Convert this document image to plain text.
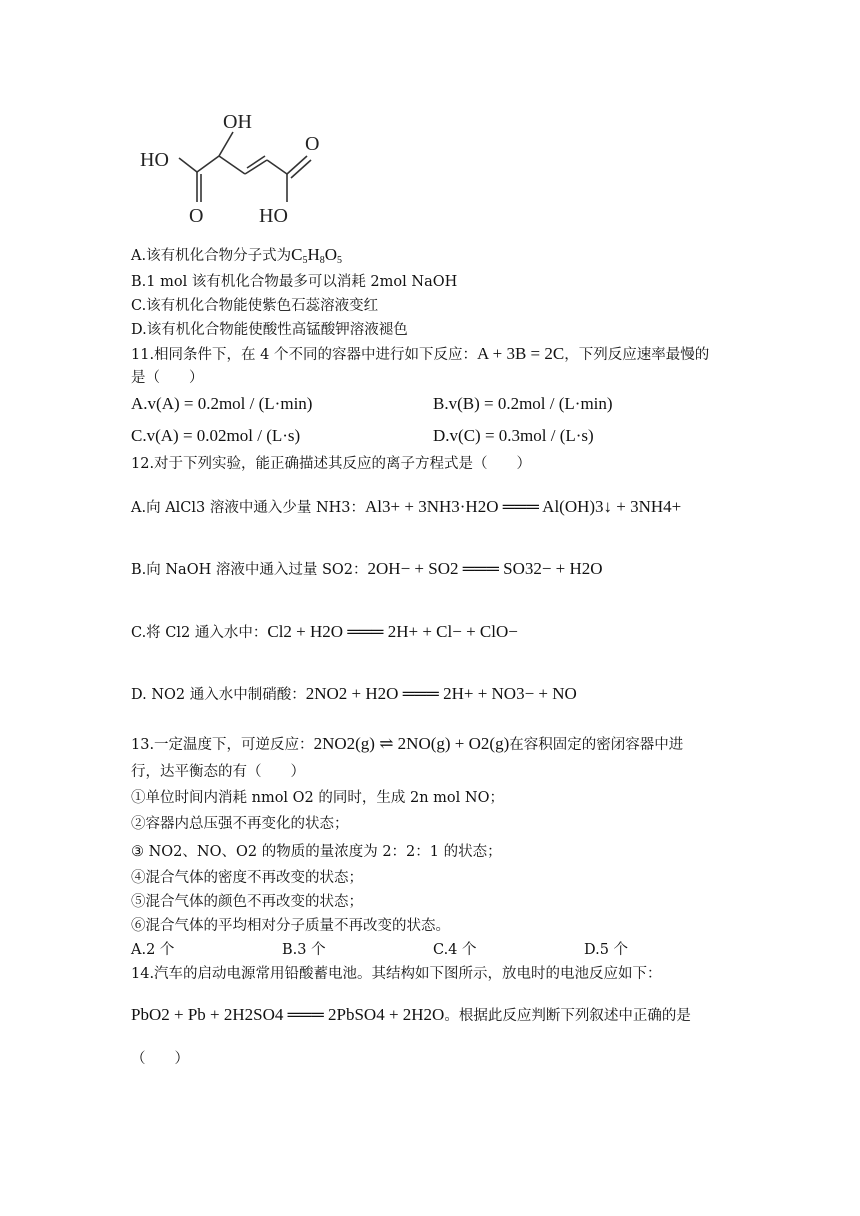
OH
HO
O
O
HO
A.该有机化合物分子式为$C_5H_8O_5$
B.1 mol 该有机化合物最多可以消耗 2mol NaOH
C.该有机化合物能使紫色石蕊溶液变红
D.该有机化合物能使酸性高锰酸钾溶液褪色
11.相同条件下，在 4 个不同的容器中进行如下反应：A + 3B = 2C，下列反应速率最慢的
是（　　）
A.v(A) = 0.2mol / (L·min)	B.v(B) = 0.2mol / (L·min)
C.v(A) = 0.02mol / (L·s)	D.v(C) = 0.3mol / (L·s)
12.对于下列实验，能正确描述其反应的离子方程式是（　　）
A.向 AlCl3 溶液中通入少量 NH3：Al3+ + 3NH3·H2O ═══ Al(OH)3↓ + 3NH4+
B.向 NaOH 溶液中通入过量 SO2：2OH− + SO2 ═══ SO32− + H2O
C.将 Cl2 通入水中：Cl2 + H2O ═══ 2H+ + Cl− + ClO−
D. NO2 通入水中制硝酸：2NO2 + H2O ═══ 2H+ + NO3− + NO
13.一定温度下，可逆反应：2NO2(g) ⇌ 2NO(g) + O2(g)在容积固定的密闭容器中进
行，达平衡态的有（　　）
①单位时间内消耗 nmol O2 的同时，生成 2n mol NO；
②容器内总压强不再变化的状态；
③ NO2、NO、O2 的物质的量浓度为 2：2：1 的状态；
④混合气体的密度不再改变的状态；
⑤混合气体的颜色不再改变的状态；
⑥混合气体的平均相对分子质量不再改变的状态。
A.2 个	B.3 个	C.4 个	D.5 个
14.汽车的启动电源常用铅酸蓄电池。其结构如下图所示，放电时的电池反应如下：
PbO2 + Pb + 2H2SO4 ═══ 2PbSO4 + 2H2O。根据此反应判断下列叙述中正确的是
（　　）
